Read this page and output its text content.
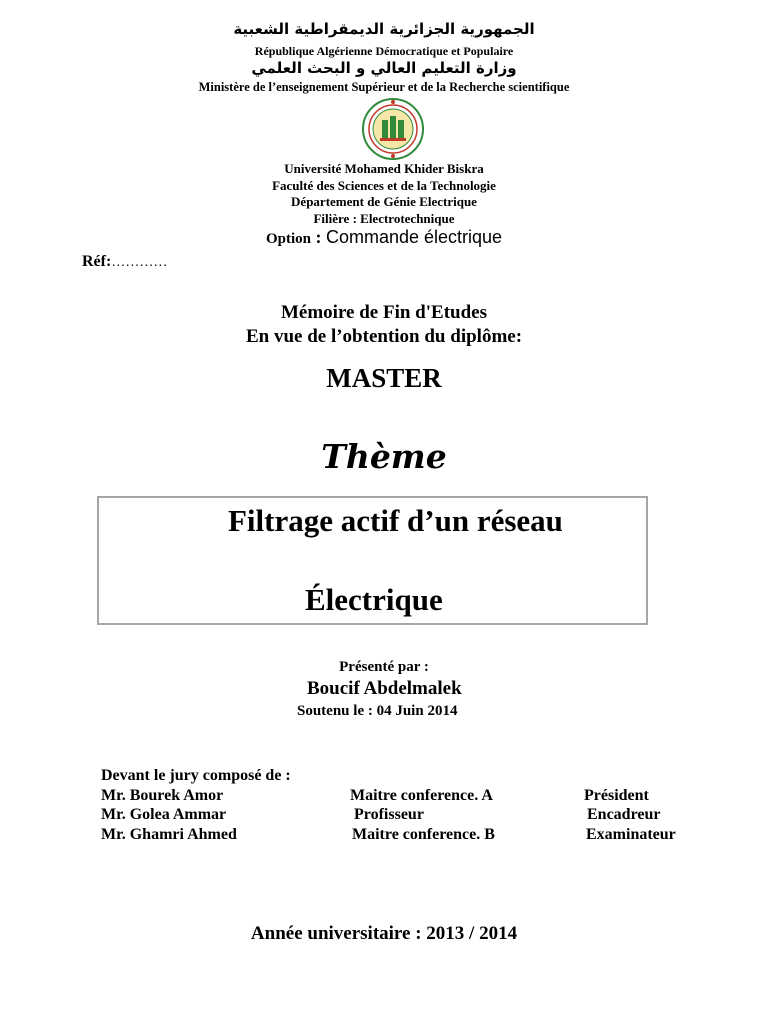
الجمهورية الجزائرية الديمقراطية الشعبية
République Algérienne Démocratique et Populaire
وزارة التعليم العالي و البحث العلمي
Ministère de l’enseignement Supérieur et de la Recherche scientifique
Université Mohamed Khider Biskra
Faculté des Sciences et de la Technologie
Département de Génie Electrique
Filière : Electrotechnique
Option : Commande électrique
Réf:…………
Mémoire de Fin d'Etudes
En vue de l’obtention du diplôme:
MASTER
Thème
Filtrage actif d’un réseau
Électrique
Présenté par :
Boucif Abdelmalek
Soutenu le : 04 Juin 2014
Devant le jury composé de :
Mr. Bourek Amor	Maitre conference. A	Président
Mr. Golea Ammar	Profisseur	Encadreur
Mr. Ghamri Ahmed	Maitre conference. B	Examinateur
Année universitaire : 2013 / 2014
